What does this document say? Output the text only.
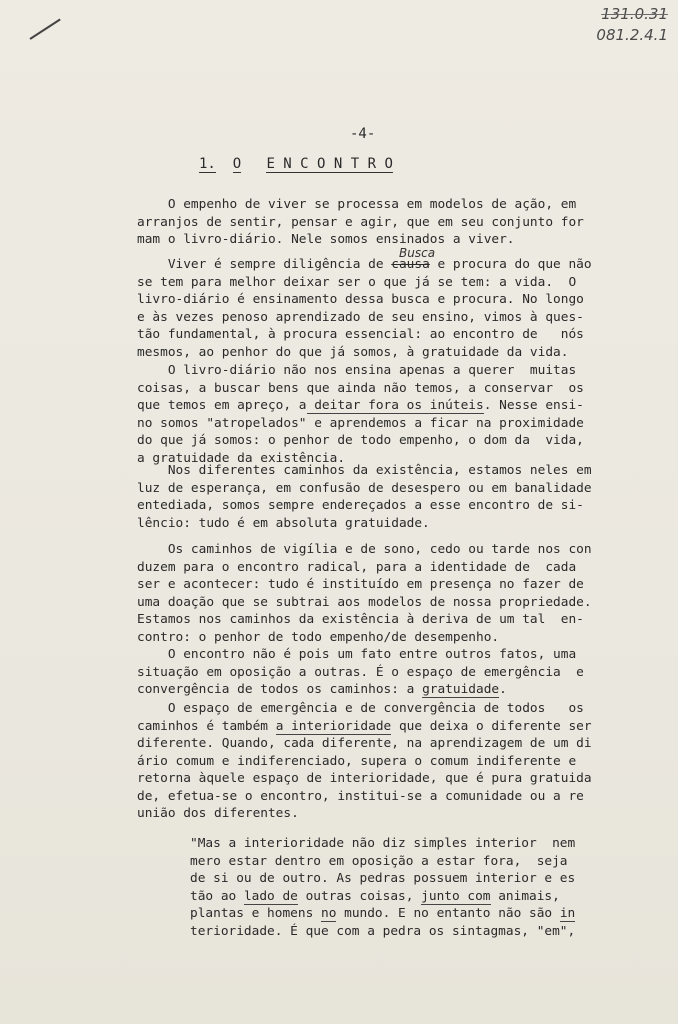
131.0.31
081.2.4.1
-4-
1. O E N C O N T R O
Busca
O empenho de viver se processa em modelos de ação, em
arranjos de sentir, pensar e agir, que em seu conjunto for
mam o livro-diário. Nele somos ensinados a viver.
Viver é sempre diligência de causa e procura do que não
se tem para melhor deixar ser o que já se tem: a vida.  O
livro-diário é ensinamento dessa busca e procura. No longo
e às vezes penoso aprendizado de seu ensino, vimos à ques-
tão fundamental, à procura essencial: ao encontro de   nós
mesmos, ao penhor do que já somos, à gratuidade da vida.
O livro-diário não nos ensina apenas a querer  muitas
coisas, a buscar bens que ainda não temos, a conservar  os
que temos em apreço, a deitar fora os inúteis. Nesse ensi-
no somos "atropelados" e aprendemos a ficar na proximidade
do que já somos: o penhor de todo empenho, o dom da  vida,
a gratuidade da existência.
Nos diferentes caminhos da existência, estamos neles em
luz de esperança, em confusão de desespero ou em banalidade
entediada, somos sempre endereçados a esse encontro de si-
lêncio: tudo é em absoluta gratuidade.
Os caminhos de vigília e de sono, cedo ou tarde nos con
duzem para o encontro radical, para a identidade de  cada
ser e acontecer: tudo é instituído em presença no fazer de
uma doação que se subtrai aos modelos de nossa propriedade.
Estamos nos caminhos da existência à deriva de um tal  en-
contro: o penhor de todo empenho/de desempenho.
O encontro não é pois um fato entre outros fatos, uma
situação em oposição a outras. É o espaço de emergência  e
convergência de todos os caminhos: a gratuidade.
O espaço de emergência e de convergência de todos   os
caminhos é também a interioridade que deixa o diferente ser
diferente. Quando, cada diferente, na aprendizagem de um di
ário comum e indiferenciado, supera o comum indiferente e
retorna àquele espaço de interioridade, que é pura gratuida
de, efetua-se o encontro, institui-se a comunidade ou a re
união dos diferentes.
"Mas a interioridade não diz simples interior  nem
mero estar dentro em oposição a estar fora,  seja
de si ou de outro. As pedras possuem interior e es
tão ao lado de outras coisas, junto com animais,
plantas e homens no mundo. E no entanto não são in
terioridade. É que com a pedra os sintagmas, "em",
